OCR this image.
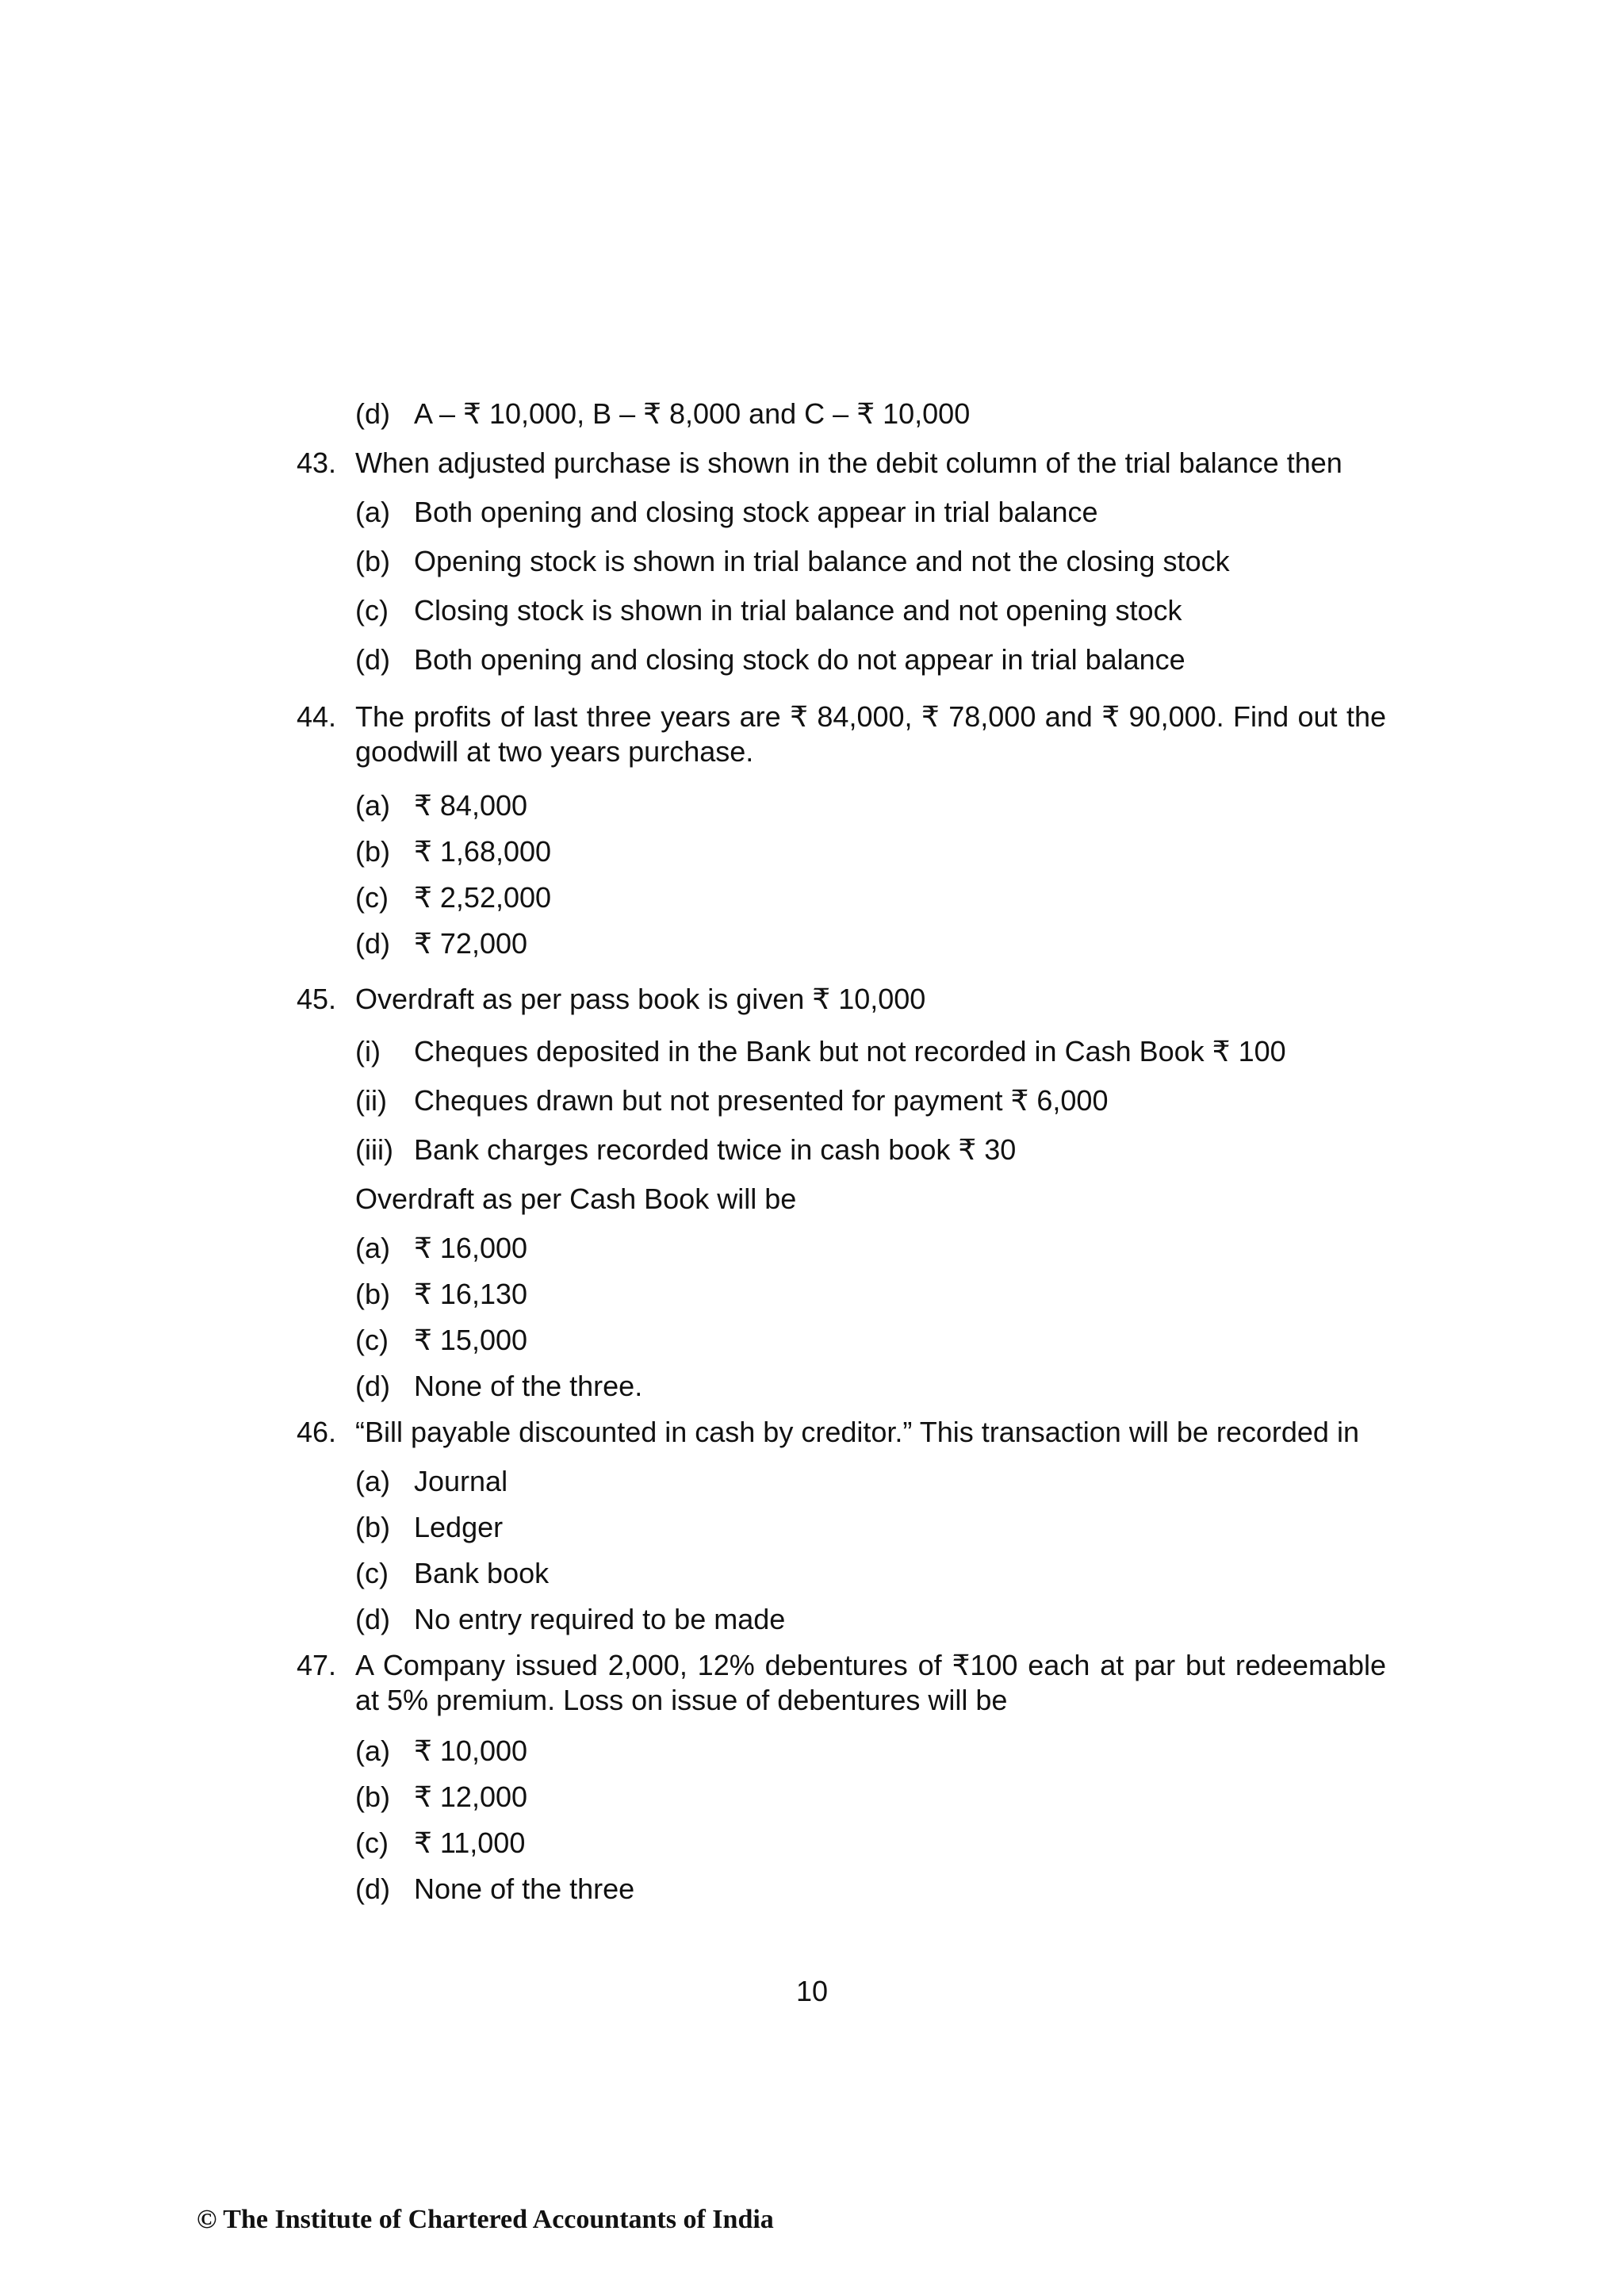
(d) A – ₹ 10,000, B – ₹ 8,000 and C – ₹ 10,000
43. When adjusted purchase is shown in the debit column of the trial balance then
(a) Both opening and closing stock appear in trial balance
(b) Opening stock is shown in trial balance and not the closing stock
(c) Closing stock is shown in trial balance and not opening stock
(d) Both opening and closing stock do not appear in trial balance
44. The profits of last three years are ₹ 84,000, ₹ 78,000 and ₹ 90,000. Find out the goodwill at two years purchase.
(a) ₹ 84,000
(b) ₹ 1,68,000
(c) ₹ 2,52,000
(d) ₹ 72,000
45. Overdraft as per pass book is given ₹ 10,000
(i) Cheques deposited in the Bank but not recorded in Cash Book ₹ 100
(ii) Cheques drawn but not presented for payment ₹ 6,000
(iii) Bank charges recorded twice in cash book ₹ 30
Overdraft as per Cash Book will be
(a) ₹ 16,000
(b) ₹ 16,130
(c) ₹ 15,000
(d) None of the three.
46. “Bill payable discounted in cash by creditor.” This transaction will be recorded in
(a) Journal
(b) Ledger
(c) Bank book
(d) No entry required to be made
47. A Company issued 2,000, 12% debentures of ₹100 each at par but redeemable at 5% premium. Loss on issue of debentures will be
(a) ₹ 10,000
(b) ₹ 12,000
(c) ₹ 11,000
(d) None of the three
10
© The Institute of Chartered Accountants of India
